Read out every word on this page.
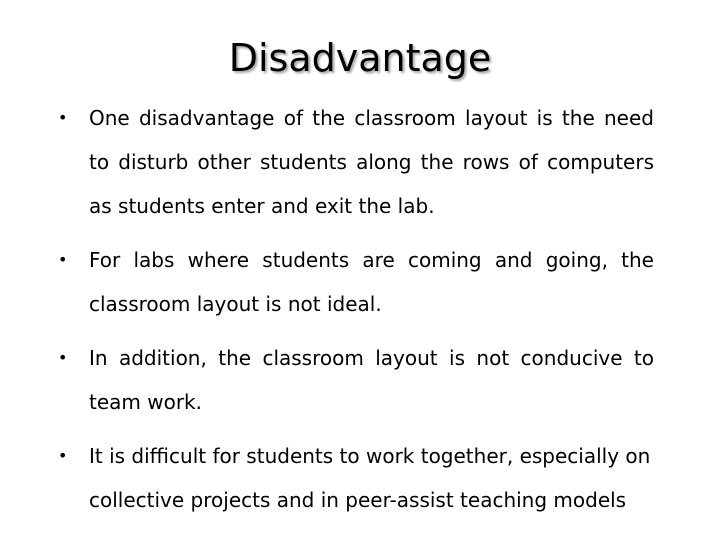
Disadvantage
• One disadvantage of the classroom layout is the need to disturb other students along the rows of computers as students enter and exit the lab.
• For labs where students are coming and going, the classroom layout is not ideal.
• In addition, the classroom layout is not conducive to team work.
• It is difficult for students to work together, especially on collective projects and in peer-assist teaching models
